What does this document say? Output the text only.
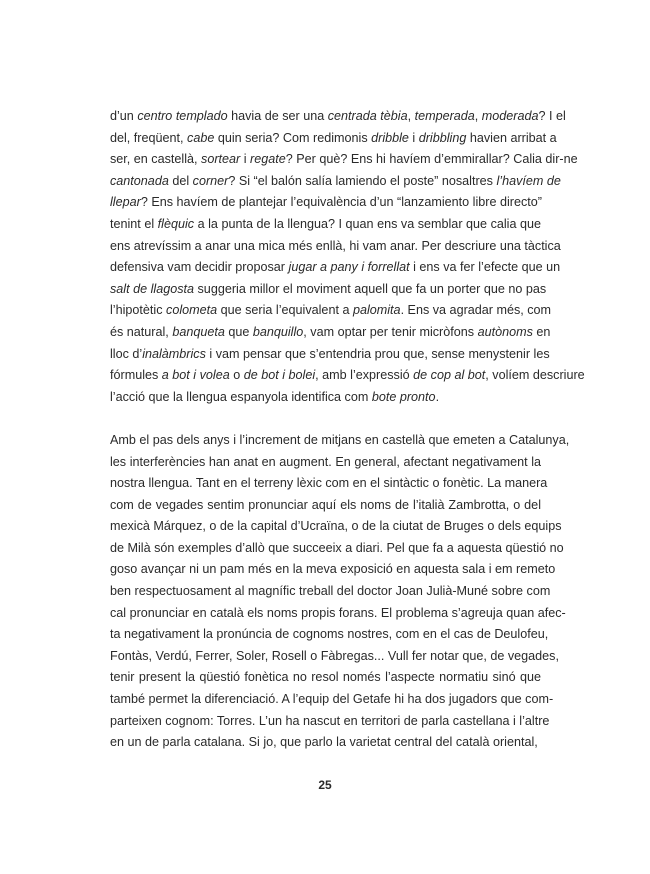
d’un centro templado havia de ser una centrada tèbia, temperada, moderada? I el
del, freqüent, cabe quin seria? Com redimonis dribble i dribbling havien arribat a
ser, en castellà, sortear i regate? Per què? Ens hi havíem d’emmirallar? Calia dir-ne
cantonada del corner? Si “el balón salía lamiendo el poste” nosaltres l’havíem de
llepar? Ens havíem de plantejar l’equivalència d’un “lanzamiento libre directo”
tenint el flèquic a la punta de la llengua? I quan ens va semblar que calia que
ens atrevíssim a anar una mica més enllà, hi vam anar. Per descriure una tàctica
defensiva vam decidir proposar jugar a pany i forrellat i ens va fer l’efecte que un
salt de llagosta suggeria millor el moviment aquell que fa un porter que no pas
l’hipotètic colometa que seria l’equivalent a palomita. Ens va agradar més, com
és natural, banqueta que banquillo, vam optar per tenir micròfons autònoms en
lloc d’inalàmbrics i vam pensar que s’entendria prou que, sense menystenir les
fórmules a bot i volea o de bot i bolei, amb l’expressió de cop al bot, volíem descriure
l’acció que la llengua espanyola identifica com bote pronto.
Amb el pas dels anys i l’increment de mitjans en castellà que emeten a Catalunya,
les interferències han anat en augment. En general, afectant negativament la
nostra llengua. Tant en el terreny lèxic com en el sintàctic o fonètic. La manera
com de vegades sentim pronunciar aquí els noms de l’italià Zambrotta, o del
mexicà Márquez, o de la capital d’Ucraïna, o de la ciutat de Bruges o dels equips
de Milà són exemples d’allò que succeeix a diari. Pel que fa a aquesta qüestió no
goso avançar ni un pam més en la meva exposició en aquesta sala i em remeto
ben respectuosament al magnífic treball del doctor Joan Julià-Muné sobre com
cal pronunciar en català els noms propis forans. El problema s’agreuja quan afec-
ta negativament la pronúncia de cognoms nostres, com en el cas de Deulofeu,
Fontàs, Verdú, Ferrer, Soler, Rosell o Fàbregas... Vull fer notar que, de vegades,
tenir present la qüestió fonètica no resol només l’aspecte normatiu sinó que
també permet la diferenciació. A l’equip del Getafe hi ha dos jugadors que com-
parteixen cognom: Torres. L’un ha nascut en territori de parla castellana i l’altre
en un de parla catalana. Si jo, que parlo la varietat central del català oriental,
25
